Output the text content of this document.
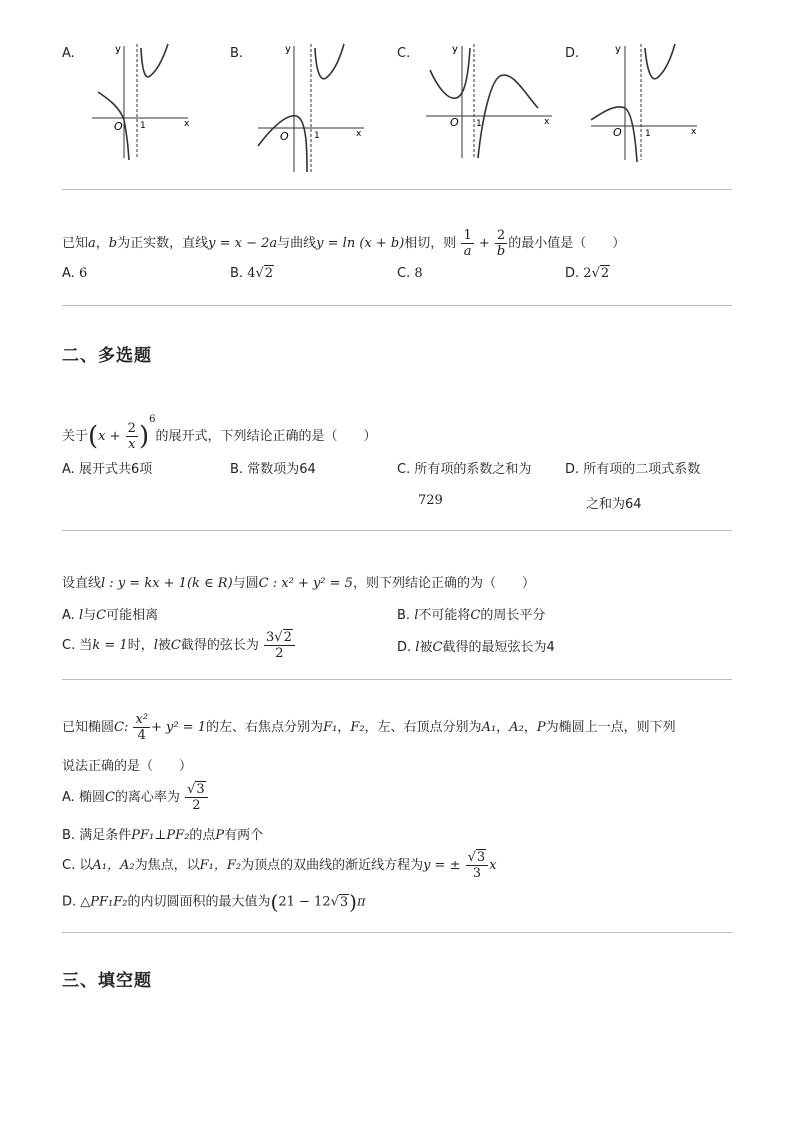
A.	y
O 1	x
B.	y
O	1	x
C.	y
O 1	x
D.	y
O	1	x
已知a，b为正实数，直线y = x − 2a与曲线y = ln (x + b)相切，则 $\frac{1}{a} + \frac{2}{b}$ 的最小值是（　　）
A. 6	B. 4√2	C. 8	D. 2√2
二、多选题
关于$(x + \frac{2}{x} )^6$的展开式，下列结论正确的是（　　）
A. 展开式共6项	B. 常数项为64	C. 所有项的系数之和为
729
D. 所有项的二项式系数
之和为64
设直线l : y = kx + 1(k ∈ R)与圆C : x² + y² = 5，则下列结论正确的为（　　）
A. l与C可能相离	B. l不可能将C的周长平分
C. 当k = 1时，l被C截得的弦长为 $\frac{3√2}{2}$	D. l被C截得的最短弦长为4
已知椭圆C: $\frac{\text{x²}}{4} + y^2 = 1$的左、右焦点分别为F₁，F₂，左、右顶点分别为A₁，A₂，P为椭圆上一点，则下列
说法正确的是（　　）
A. 椭圆C的离心率为 $\frac{√3}{2}$
B. 满足条件PF₁⊥PF₂的点P有两个
C. 以A₁，A₂为焦点，以F₁，F₂为顶点的双曲线的渐近线方程为y = ± $\frac{√3}{3}$ x
D. △PF₁F₂的内切圆面积的最大值为(21 − 12√3)π
三、填空题
